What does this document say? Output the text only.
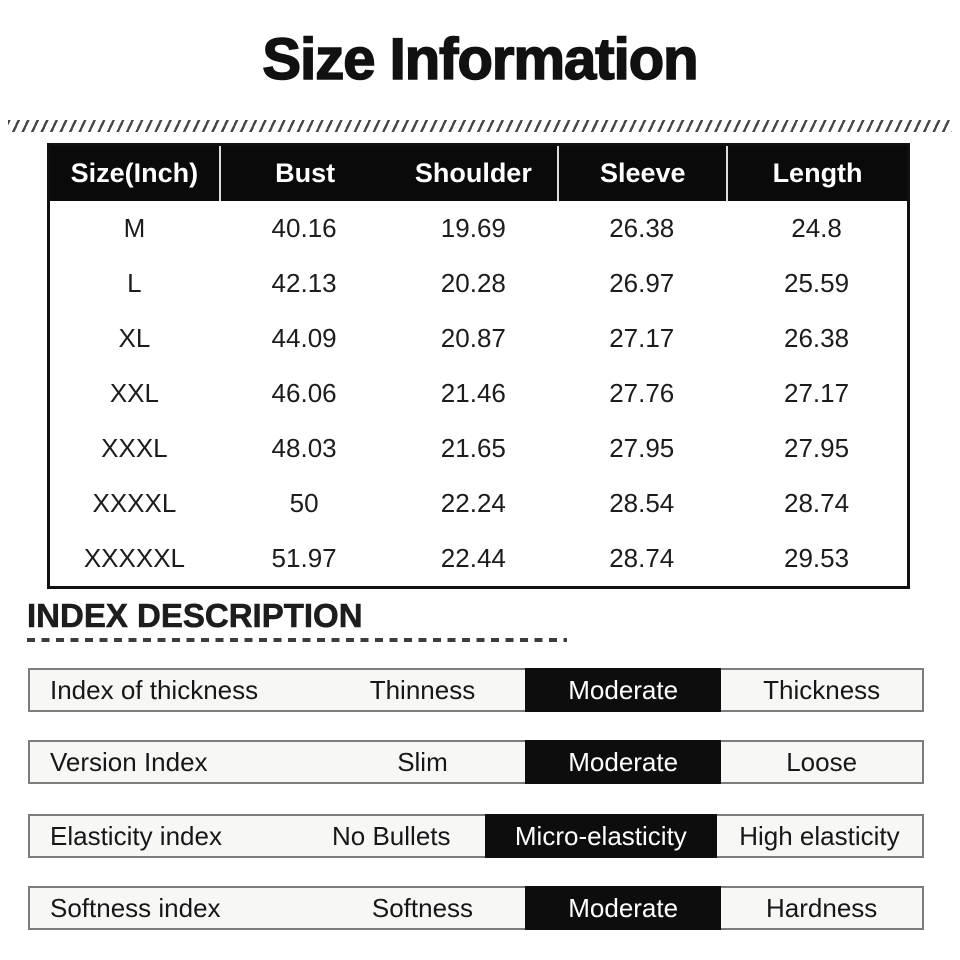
Size Information
Size(Inch)	Bust	Shoulder	Sleeve	Length
M	40.16	19.69	26.38	24.8
L	42.13	20.28	26.97	25.59
XL	44.09	20.87	27.17	26.38
XXL	46.06	21.46	27.76	27.17
XXXL	48.03	21.65	27.95	27.95
XXXXL	50	22.24	28.54	28.74
XXXXXL	51.97	22.44	28.74	29.53
INDEX DESCRIPTION
Index of thickness	Thinness	Moderate	Thickness
Version Index	Slim	Moderate	Loose
Elasticity index	No Bullets	Micro-elasticity	High elasticity
Softness index	Softness	Moderate	Hardness
